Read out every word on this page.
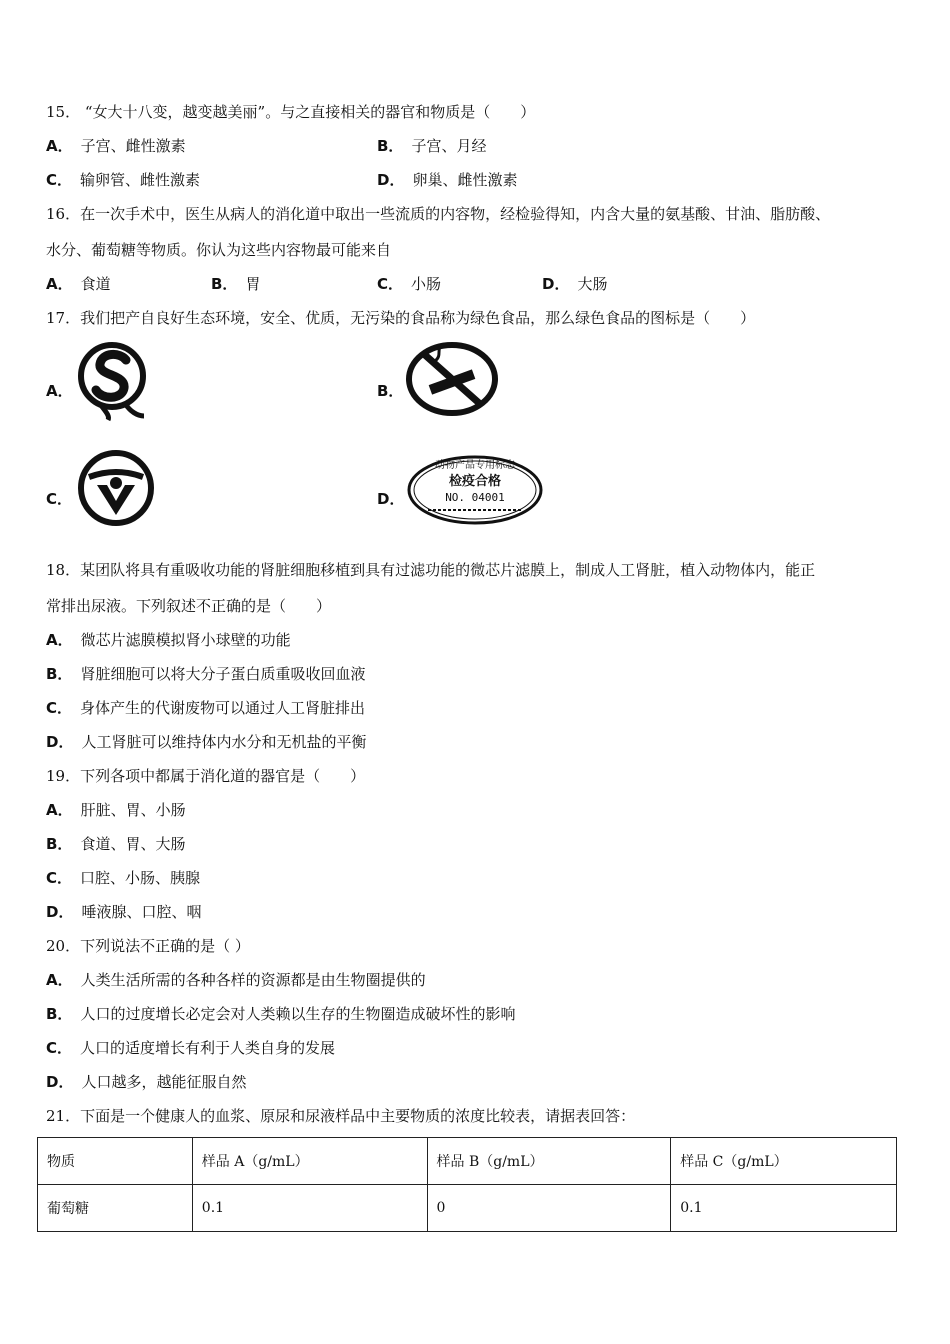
15． “女大十八变，越变越美丽”。与之直接相关的器官和物质是（　　）
A． 子宫、雌性激素	B． 子宫、月经
C． 输卵管、雌性激素	D． 卵巢、雌性激素
16．在一次手术中，医生从病人的消化道中取出一些流质的内容物，经检验得知，内含大量的氨基酸、甘油、脂肪酸、
水分、葡萄糖等物质。你认为这些内容物最可能来自
A． 食道	B． 胃	C． 小肠	D． 大肠
17．我们把产自良好生态环境，安全、优质，无污染的食品称为绿色食品，那么绿色食品的图标是（　　）
A．	B．
C．	D．
动物产品专用标志
检疫合格
NO. 04001
18．某团队将具有重吸收功能的肾脏细胞移植到具有过滤功能的微芯片滤膜上，制成人工肾脏，植入动物体内，能正
常排出尿液。下列叙述不正确的是（　　）
A． 微芯片滤膜模拟肾小球壁的功能
B． 肾脏细胞可以将大分子蛋白质重吸收回血液
C． 身体产生的代谢废物可以通过人工肾脏排出
D． 人工肾脏可以维持体内水分和无机盐的平衡
19．下列各项中都属于消化道的器官是（　　）
A． 肝脏、胃、小肠
B． 食道、胃、大肠
C． 口腔、小肠、胰腺
D． 唾液腺、口腔、咽
20．下列说法不正确的是（ ）
A． 人类生活所需的各种各样的资源都是由生物圈提供的
B． 人口的过度增长必定会对人类赖以生存的生物圈造成破坏性的影响
C． 人口的适度增长有利于人类自身的发展
D． 人口越多，越能征服自然
21．下面是一个健康人的血浆、原尿和尿液样品中主要物质的浓度比较表，请据表回答：
物质	样品 A（g/mL）	样品 B（g/mL）	样品 C（g/mL）
葡萄糖	0.1	0	0.1
